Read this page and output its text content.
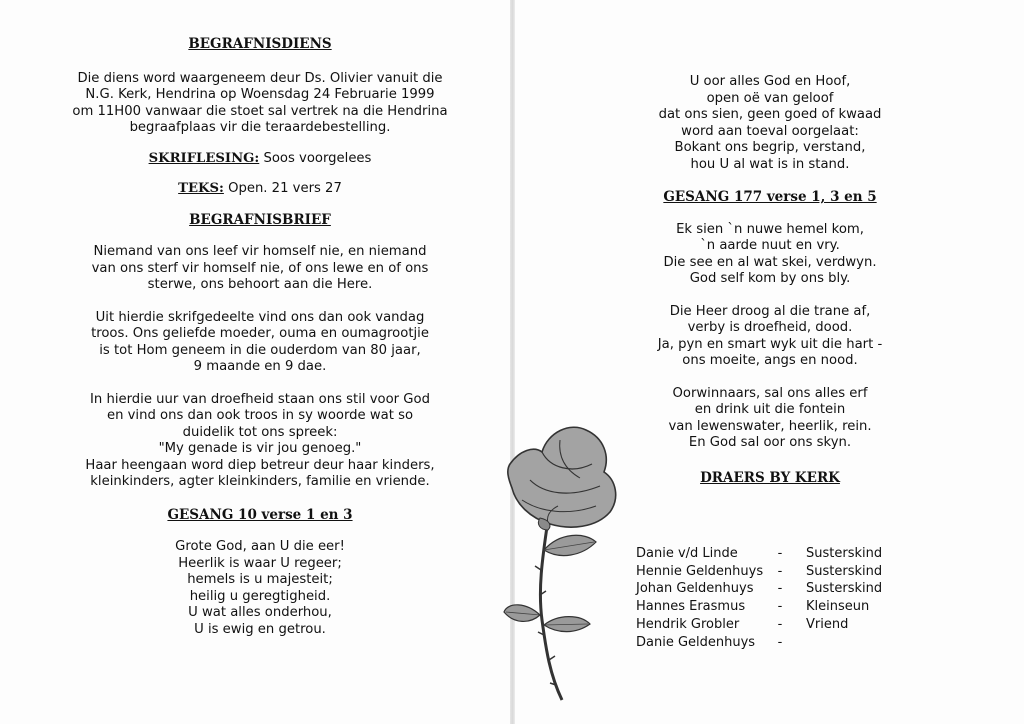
BEGRAFNISDIENS

Die diens word waargeneem deur Ds. Olivier vanuit die

N.G. Kerk, Hendrina op Woensdag 24 Februarie 1999

om 11H00 vanwaar die stoet sal vertrek na die Hendrina

begraafplaas vir die teraardebestelling.

SKRIFLESING: Soos voorgelees

TEKS: Open. 21 vers 27

BEGRAFNISBRIEF

Niemand van ons leef vir homself nie, en niemand

van ons sterf vir homself nie, of ons lewe en of ons

sterwe, ons behoort aan die Here.

Uit hierdie skrifgedeelte vind ons dan ook vandag

troos. Ons geliefde moeder, ouma en oumagrootjie

is tot Hom geneem in die ouderdom van 80 jaar,

9 maande en 9 dae.

In hierdie uur van droefheid staan ons stil voor God

en vind ons dan ook troos in sy woorde wat so

duidelik tot ons spreek:

"My genade is vir jou genoeg."

Haar heengaan word diep betreur deur haar kinders,

kleinkinders, agter kleinkinders, familie en vriende.

GESANG 10 verse 1 en 3

Grote God, aan U die eer!

Heerlik is waar U regeer;

hemels is u majesteit;

heilig u geregtigheid.

U wat alles onderhou,

U is ewig en getrou.

U oor alles God en Hoof,

open oë van geloof

dat ons sien, geen goed of kwaad

word aan toeval oorgelaat:

Bokant ons begrip, verstand,

hou U al wat is in stand.

GESANG 177 verse 1, 3 en 5

Ek sien `n nuwe hemel kom,

`n aarde nuut en vry.

Die see en al wat skei, verdwyn.

God self kom by ons bly.

Die Heer droog al die trane af,

verby is droefheid, dood.

Ja, pyn en smart wyk uit die hart -

ons moeite, angs en nood.

Oorwinnaars, sal ons alles erf

en drink uit die fontein

van lewenswater, heerlik, rein.

En God sal oor ons skyn.

DRAERS BY KERK
Danie v/d Linde	-	Susterskind
Hennie Geldenhuys	-	Susterskind
Johan Geldenhuys	-	Susterskind
Hannes Erasmus	-	Kleinseun
Hendrik Grobler	-	Vriend
Danie Geldenhuys	-
